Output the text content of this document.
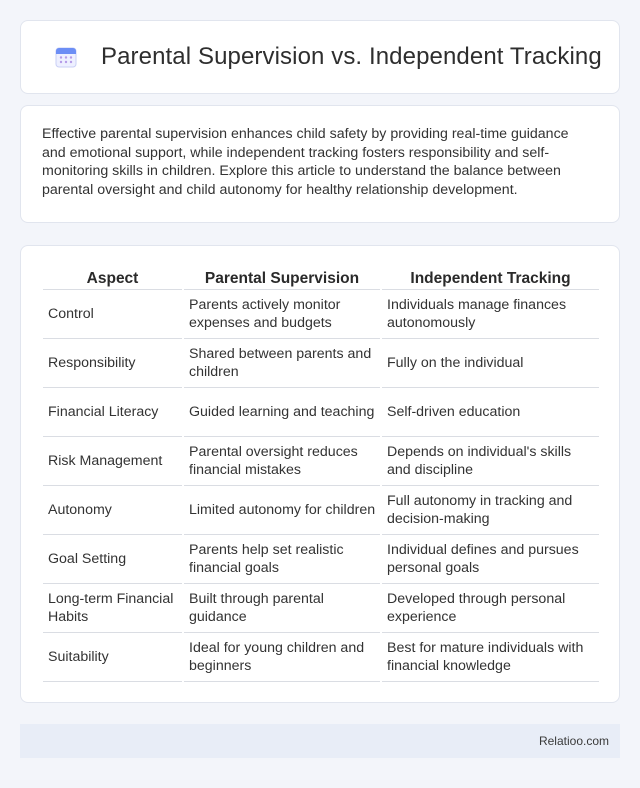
Parental Supervision vs. Independent Tracking

Effective parental supervision enhances child safety by providing real-time guidance and emotional support, while independent tracking fosters responsibility and self-monitoring skills in children. Explore this article to understand the balance between parental oversight and child autonomy for healthy relationship development.

Aspect	Parental Supervision	Independent Tracking
Control	Parents actively monitor expenses and budgets	Individuals manage finances autonomously
Responsibility	Shared between parents and children	Fully on the individual
Financial Literacy	Guided learning and teaching	Self-driven education
Risk Management	Parental oversight reduces financial mistakes	Depends on individual's skills and discipline
Autonomy	Limited autonomy for children	Full autonomy in tracking and decision-making
Goal Setting	Parents help set realistic financial goals	Individual defines and pursues personal goals
Long-term Financial Habits	Built through parental guidance	Developed through personal experience
Suitability	Ideal for young children and beginners	Best for mature individuals with financial knowledge
Relatioo.com
